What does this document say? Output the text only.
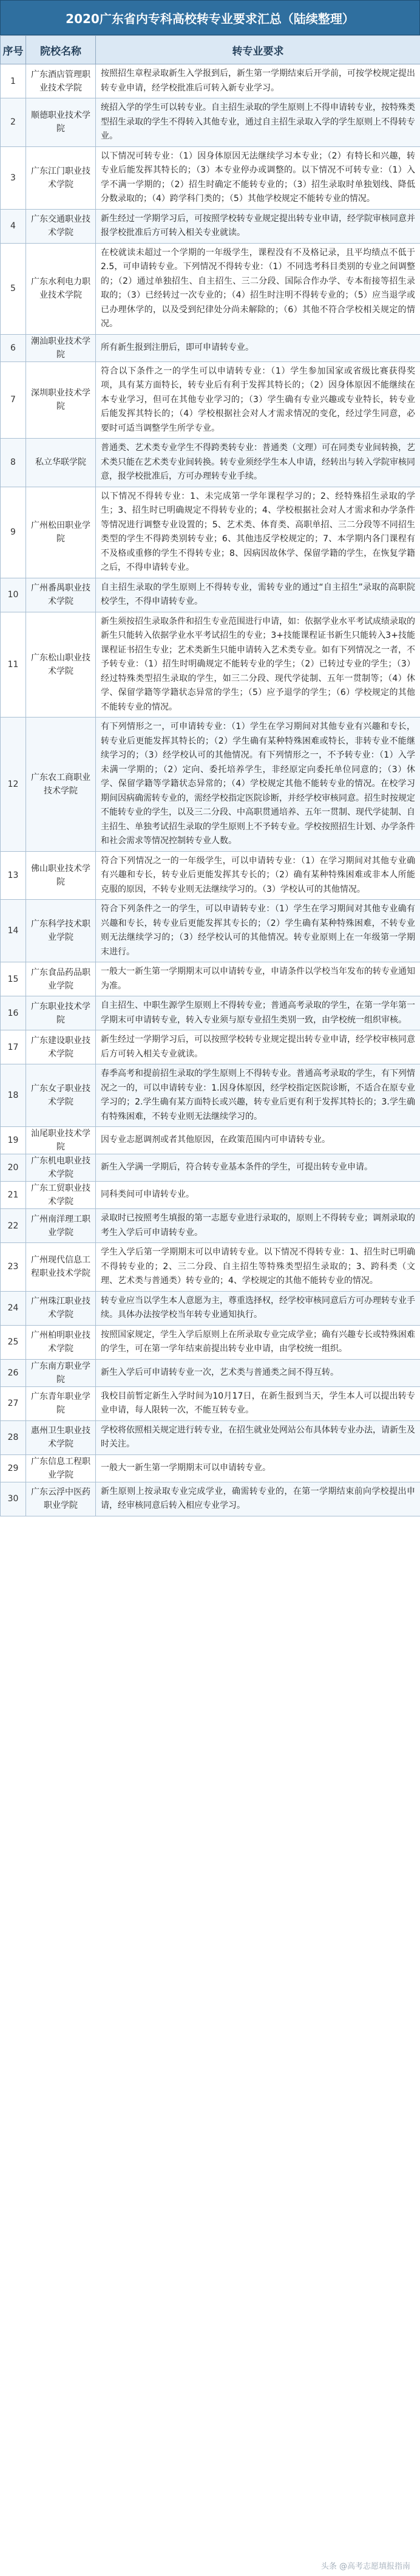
2020广东省内专科高校转专业要求汇总（陆续整理）
序号	院校名称	转专业要求
1	广东酒店管理职业技术学院	按照招生章程录取新生入学报到后，新生第一学期结束后开学前，可按学校规定提出转专业申请，经学校批准后可转入新专业学习。
2	顺德职业技术学院	统招入学的学生可以转专业。自主招生录取的学生原则上不得申请转专业，按特殊类型招生录取的学生不得转入其他专业，通过自主招生录取入学的学生原则上不得转专业。
3	广东江门职业技术学院	以下情况可转专业：（1）因身体原因无法继续学习本专业；（2）有特长和兴趣，转专业后能发挥其特长的；（3）本专业停办或调整的。以下情况不可转专业：（1）入学不满一学期的；（2）招生时确定不能转专业的；（3）招生录取时单独划线、降低分数录取的；（4）跨学科门类的；（5）其他学校规定不能转专业的情况。
4	广东交通职业技术学院	新生经过一学期学习后，可按照学校转专业规定提出转专业申请，经学院审核同意并报学校批准后方可转入相关专业就读。
5	广东水利电力职业技术学院	在校就读未超过一个学期的一年级学生，课程没有不及格记录，且平均绩点不低于2.5，可申请转专业。下列情况不得转专业：（1）不同选考科目类别的专业之间调整的；（2）通过单独招生、自主招生、三二分段、国际合作办学、专本衔接等招生录取的；（3）已经转过一次专业的；（4）招生时注明不得转专业的；（5）应当退学或已办理休学的，以及受到纪律处分尚未解除的；（6）其他不符合学校相关规定的情况。
6	潮汕职业技术学院	所有新生报到注册后，即可申请转专业。
7	深圳职业技术学院	符合以下条件之一的学生可以申请转专业：（1）学生参加国家或省级比赛获得奖项，具有某方面特长，转专业后有利于发挥其特长的；（2）因身体原因不能继续在本专业学习，但可在其他专业学习的；（3）学生确有专业兴趣或专业特长，转专业后能发挥其特长的；（4）学校根据社会对人才需求情况的变化，经过学生同意，必要时可适当调整学生所学专业。
8	私立华联学院	普通类、艺术类专业学生不得跨类转专业：普通类（文理）可在同类专业间转换，艺术类只能在艺术类专业间转换。转专业须经学生本人申请，经转出与转入学院审核同意，报学校批准后，方可办理转专业手续。
9	广州松田职业学院	以下情况不得转专业：1、未完成第一学年课程学习的；2、经特殊招生录取的学生；3、招生时已明确规定不得转专业的；4、学校根据社会对人才需求和办学条件等情况进行调整专业设置的；5、艺术类、体育类、高职单招、三二分段等不同招生类型的学生不得跨类别转专业；6、其他违反学校规定的；7、本学期内各门课程有不及格或重修的学生不得转专业；8、因病因故休学、保留学籍的学生，在恢复学籍之后，不得申请转专业。
10	广州番禺职业技术学院	自主招生录取的学生原则上不得转专业，需转专业的通过“自主招生”录取的高职院校学生，不得申请转专业。
11	广东松山职业技术学院	新生须按招生录取条件和招生专业范围进行申请，如：依据学业水平考试成绩录取的新生只能转入依据学业水平考试招生的专业；3+技能课程证书新生只能转入3+技能课程证书招生专业；艺术类新生只能申请转入艺术类专业。如有下列情况之一者，不予转专业：（1）招生时明确规定不能转专业的学生；（2）已转过专业的学生；（3）经过特殊类型招生录取的学生，如三二分段、现代学徒制、五年一贯制等；（4）休学、保留学籍等学籍状态异常的学生；（5）应予退学的学生；（6）学校规定的其他不能转专业的情况。
12	广东农工商职业技术学院	有下列情形之一，可申请转专业：（1）学生在学习期间对其他专业有兴趣和专长，转专业后更能发挥其特长的；（2）学生确有某种特殊困难或特长，非转专业不能继续学习的；（3）经学校认可的其他情况。有下列情形之一，不予转专业：（1）入学未满一学期的；（2）定向、委托培养学生，非经原定向委托单位同意的；（3）休学、保留学籍等学籍状态异常的；（4）学校规定其他不能转专业的情况。在校学习期间因病确需转专业的，需经学校指定医院诊断，并经学校审核同意。招生时按规定不能转专业的学生，以及三二分段、中高职贯通培养、五年一贯制、现代学徒制、自主招生、单独考试招生录取的学生原则上不予转专业。学校按照招生计划、办学条件和社会需求等情况控制转专业人数。
13	佛山职业技术学院	符合下列情况之一的一年级学生，可以申请转专业：（1）在学习期间对其他专业确有兴趣和专长，转专业后更能发挥其专长的；（2）确有某种特殊困难或非本人所能克服的原因，不转专业则无法继续学习的。（3）学校认可的其他情况。
14	广东科学技术职业学院	符合下列条件之一的学生，可以申请转专业：（1）学生在学习期间对其他专业确有兴趣和专长，转专业后更能发挥其专长的；（2）学生确有某种特殊困难，不转专业则无法继续学习的；（3）经学校认可的其他情况。转专业原则上在一年级第一学期末进行。
15	广东食品药品职业学院	一般大一新生第一学期期末可以申请转专业，申请条件以学校当年发布的转专业通知为准。
16	广东职业技术学院	自主招生、中职生源学生原则上不得转专业；普通高考录取的学生，在第一学年第一学期末可申请转专业，转入专业须与原专业招生类别一致，由学校统一组织审核。
17	广东建设职业技术学院	新生经过一学期学习后，可以按照学校转专业规定提出转专业申请，经学校审核同意后方可转入相关专业就读。
18	广东女子职业技术学院	春季高考和提前招生录取的学生原则上不得转专业。普通高考录取的学生，有下列情况之一的，可以申请转专业：1.因身体原因，经学校指定医院诊断，不适合在原专业学习的；2.学生确有某方面特长或兴趣，转专业后更有利于发挥其特长的；3.学生确有特殊困难，不转专业则无法继续学习的。
19	汕尾职业技术学院	因专业志愿调剂或者其他原因，在政策范围内可申请转专业。
20	广东机电职业技术学院	新生入学满一学期后，符合转专业基本条件的学生，可提出转专业申请。
21	广东工贸职业技术学院	同科类间可申请转专业。
22	广州南洋理工职业学院	录取时已按照考生填报的第一志愿专业进行录取的，原则上不得转专业；调剂录取的考生入学后可申请转专业。
23	广州现代信息工程职业技术学院	学生入学后第一学期期末可以申请转专业。以下情况不得转专业：1、招生时已明确不得转专业的；2、三二分段、自主招生等特殊类型招生录取的；3、跨科类（文理、艺术类与普通类）转专业的；4、学校规定的其他不能转专业的情况。
24	广州珠江职业技术学院	转专业应当以学生本人意愿为主，尊重选择权，经学校审核同意后方可办理转专业手续。具体办法按学校当年转专业通知执行。
25	广州柏明职业技术学院	按照国家规定，学生入学后原则上在所录取专业完成学业；确有兴趣专长或特殊困难的学生，可在第一学年结束前提出转专业申请，由学校统一组织。
26	广东南方职业学院	新生入学后可申请转专业一次，艺术类与普通类之间不得互转。
27	广东青年职业学院	我校目前暂定新生入学时间为10月17日，在新生报到当天，学生本人可以提出转专业申请，每人限转一次，不能互转专业。
28	惠州卫生职业技术学院	学校将依照相关规定进行转专业，在招生就业处网站公布具体转专业办法，请新生及时关注。
29	广东信息工程职业学院	一般大一新生第一学期期末可以申请转专业。
30	广东云浮中医药职业学院	新生原则上按录取专业完成学业，确需转专业的，在第一学期结束前向学校提出申请，经审核同意后转入相应专业学习。
头条 @高考志愿填报指南
